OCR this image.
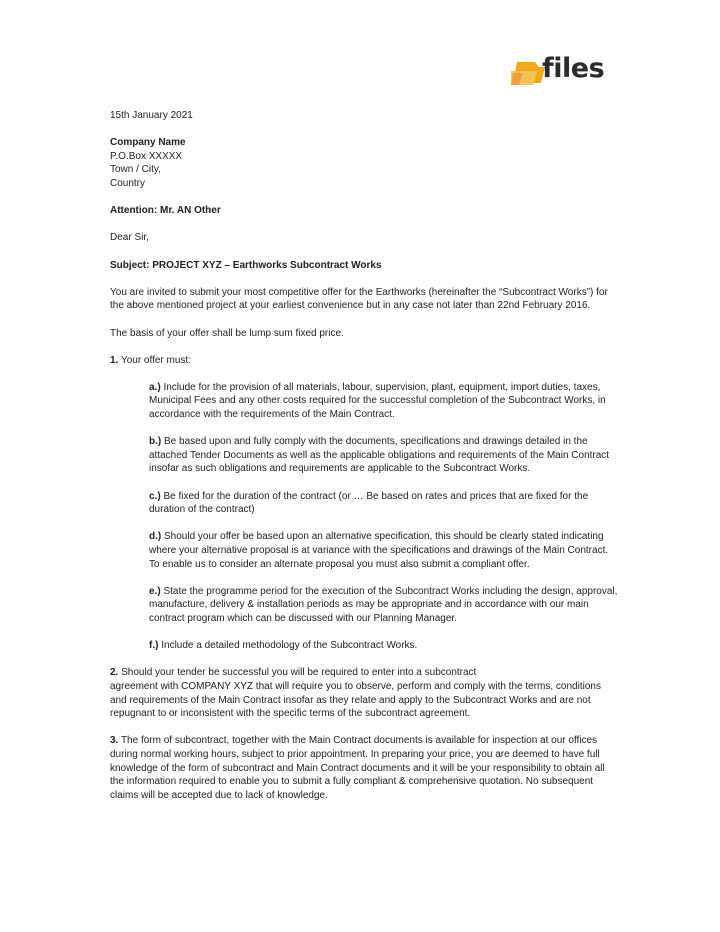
files

15th January 2021

Company Name

P.O.Box XXXXX

Town / City,

Country

Attention: Mr. AN Other

Dear Sir,

Subject: PROJECT XYZ – Earthworks Subcontract Works

You are invited to submit your most competitive offer for the Earthworks (hereinafter the “Subcontract Works”) for the above mentioned project at your earliest convenience but in any case not later than 22nd February 2016.

The basis of your offer shall be lump sum fixed price.

1. Your offer must:

a.) Include for the provision of all materials, labour, supervision, plant, equipment, import duties, taxes, Municipal Fees and any other costs required for the successful completion of the Subcontract Works, in accordance with the requirements of the Main Contract.

b.) Be based upon and fully comply with the documents, specifications and drawings detailed in the attached Tender Documents as well as the applicable obligations and requirements of the Main Contract insofar as such obligations and requirements are applicable to the Subcontract Works.

c.) Be fixed for the duration of the contract (or … Be based on rates and prices that are fixed for the duration of the contract)

d.) Should your offer be based upon an alternative specification, this should be clearly stated indicating where your alternative proposal is at variance with the specifications and drawings of the Main Contract. To enable us to consider an alternate proposal you must also submit a compliant offer.

e.) State the programme period for the execution of the Subcontract Works including the design, approval, manufacture, delivery & installation periods as may be appropriate and in accordance with our main contract program which can be discussed with our Planning Manager.

f.) Include a detailed methodology of the Subcontract Works.

2. Should your tender be successful you will be required to enter into a subcontract

agreement with COMPANY XYZ that will require you to observe, perform and comply with the terms, conditions and requirements of the Main Contract insofar as they relate and apply to the Subcontract Works and are not repugnant to or inconsistent with the specific terms of the subcontract agreement.

3. The form of subcontract, together with the Main Contract documents is available for inspection at our offices during normal working hours, subject to prior appointment. In preparing your price, you are deemed to have full knowledge of the form of subcontract and Main Contract documents and it will be your responsibility to obtain all the information required to enable you to submit a fully compliant & comprehensive quotation. No subsequent claims will be accepted due to lack of knowledge.
